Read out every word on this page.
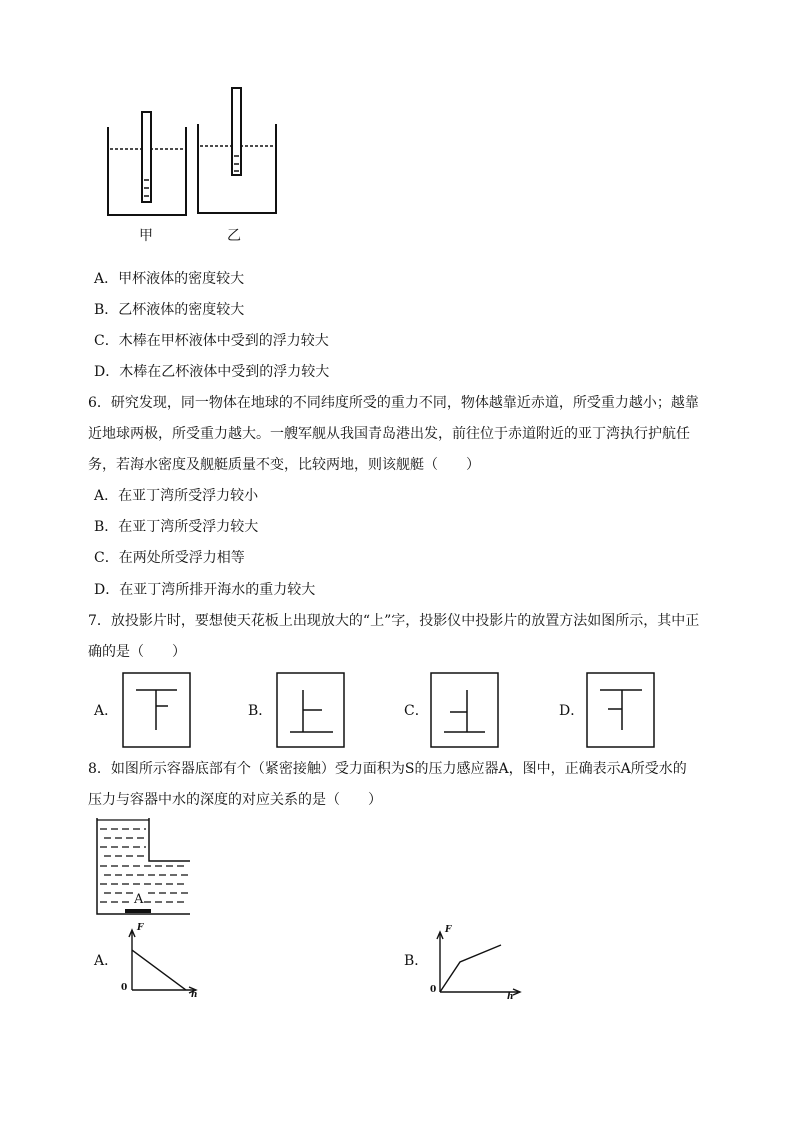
甲	乙
A．甲杯液体的密度较大
B．乙杯液体的密度较大
C．木棒在甲杯液体中受到的浮力较大
D．木棒在乙杯液体中受到的浮力较大
6．研究发现，同一物体在地球的不同纬度所受的重力不同，物体越靠近赤道，所受重力越小；越靠
近地球两极，所受重力越大。一艘军舰从我国青岛港出发，前往位于赤道附近的亚丁湾执行护航任
务，若海水密度及舰艇质量不变，比较两地，则该舰艇（　　）
A．在亚丁湾所受浮力较小
B．在亚丁湾所受浮力较大
C．在两处所受浮力相等
D．在亚丁湾所排开海水的重力较大
7．放投影片时，要想使天花板上出现放大的“上”字，投影仪中投影片的放置方法如图所示，其中正
确的是（　　）
A．	B．	C．	D．
8．如图所示容器底部有个（紧密接触）受力面积为S的压力感应器A，图中，正确表示A所受水的
压力与容器中水的深度的对应关系的是（　　）
A
A．	B．
F
h
0
F
h
0
